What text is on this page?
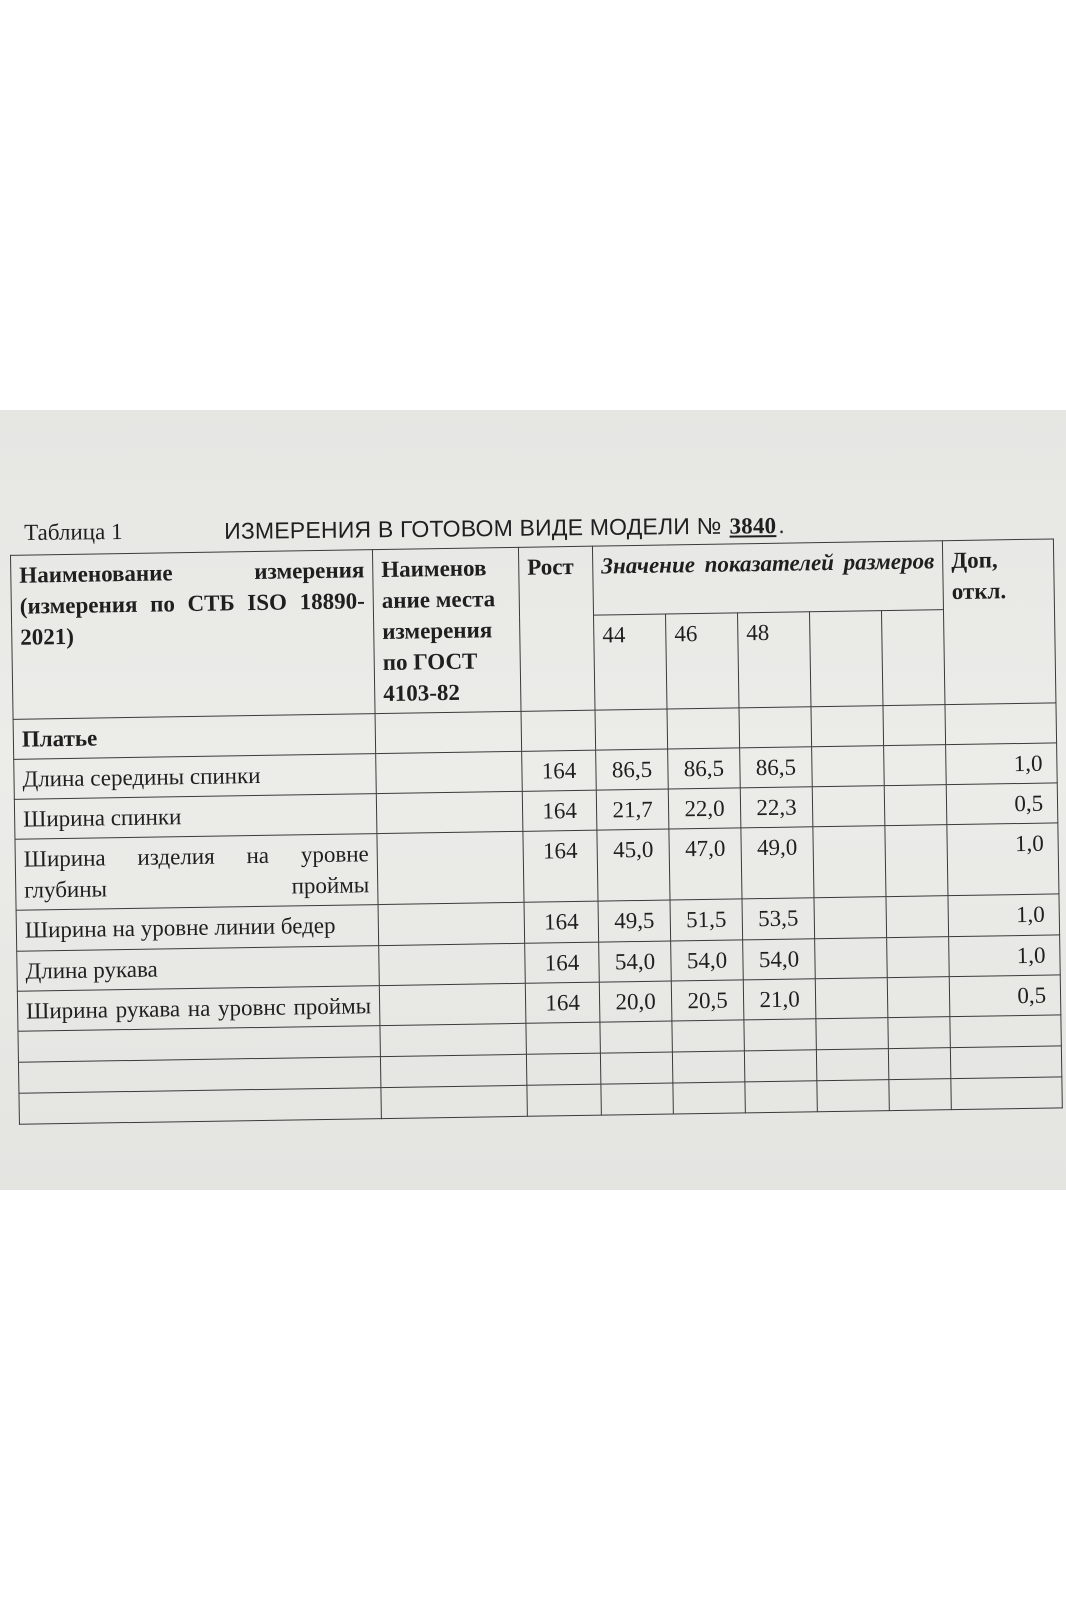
Таблица 1	ИЗМЕРЕНИЯ В ГОТОВОМ ВИДЕ МОДЕЛИ № 3840.
Наименование измерения (измерения по СТБ ISO 18890-2021)	Наименов ание места измерения по ГОСТ 4103-82	Рост	Значение показателей размеров					Доп, откл.
			44	46	48			
Платье								
Длина середины спинки		164	86,5	86,5	86,5			1,0
Ширина спинки		164	21,7	22,0	22,3			0,5
Ширина изделия на уровне глубины проймы		164	45,0	47,0	49,0			1,0
Ширина на уровне линии бедер		164	49,5	51,5	53,5			1,0
Длина рукава		164	54,0	54,0	54,0			1,0
Ширина рукава на уровнс проймы		164	20,0	20,5	21,0			0,5
